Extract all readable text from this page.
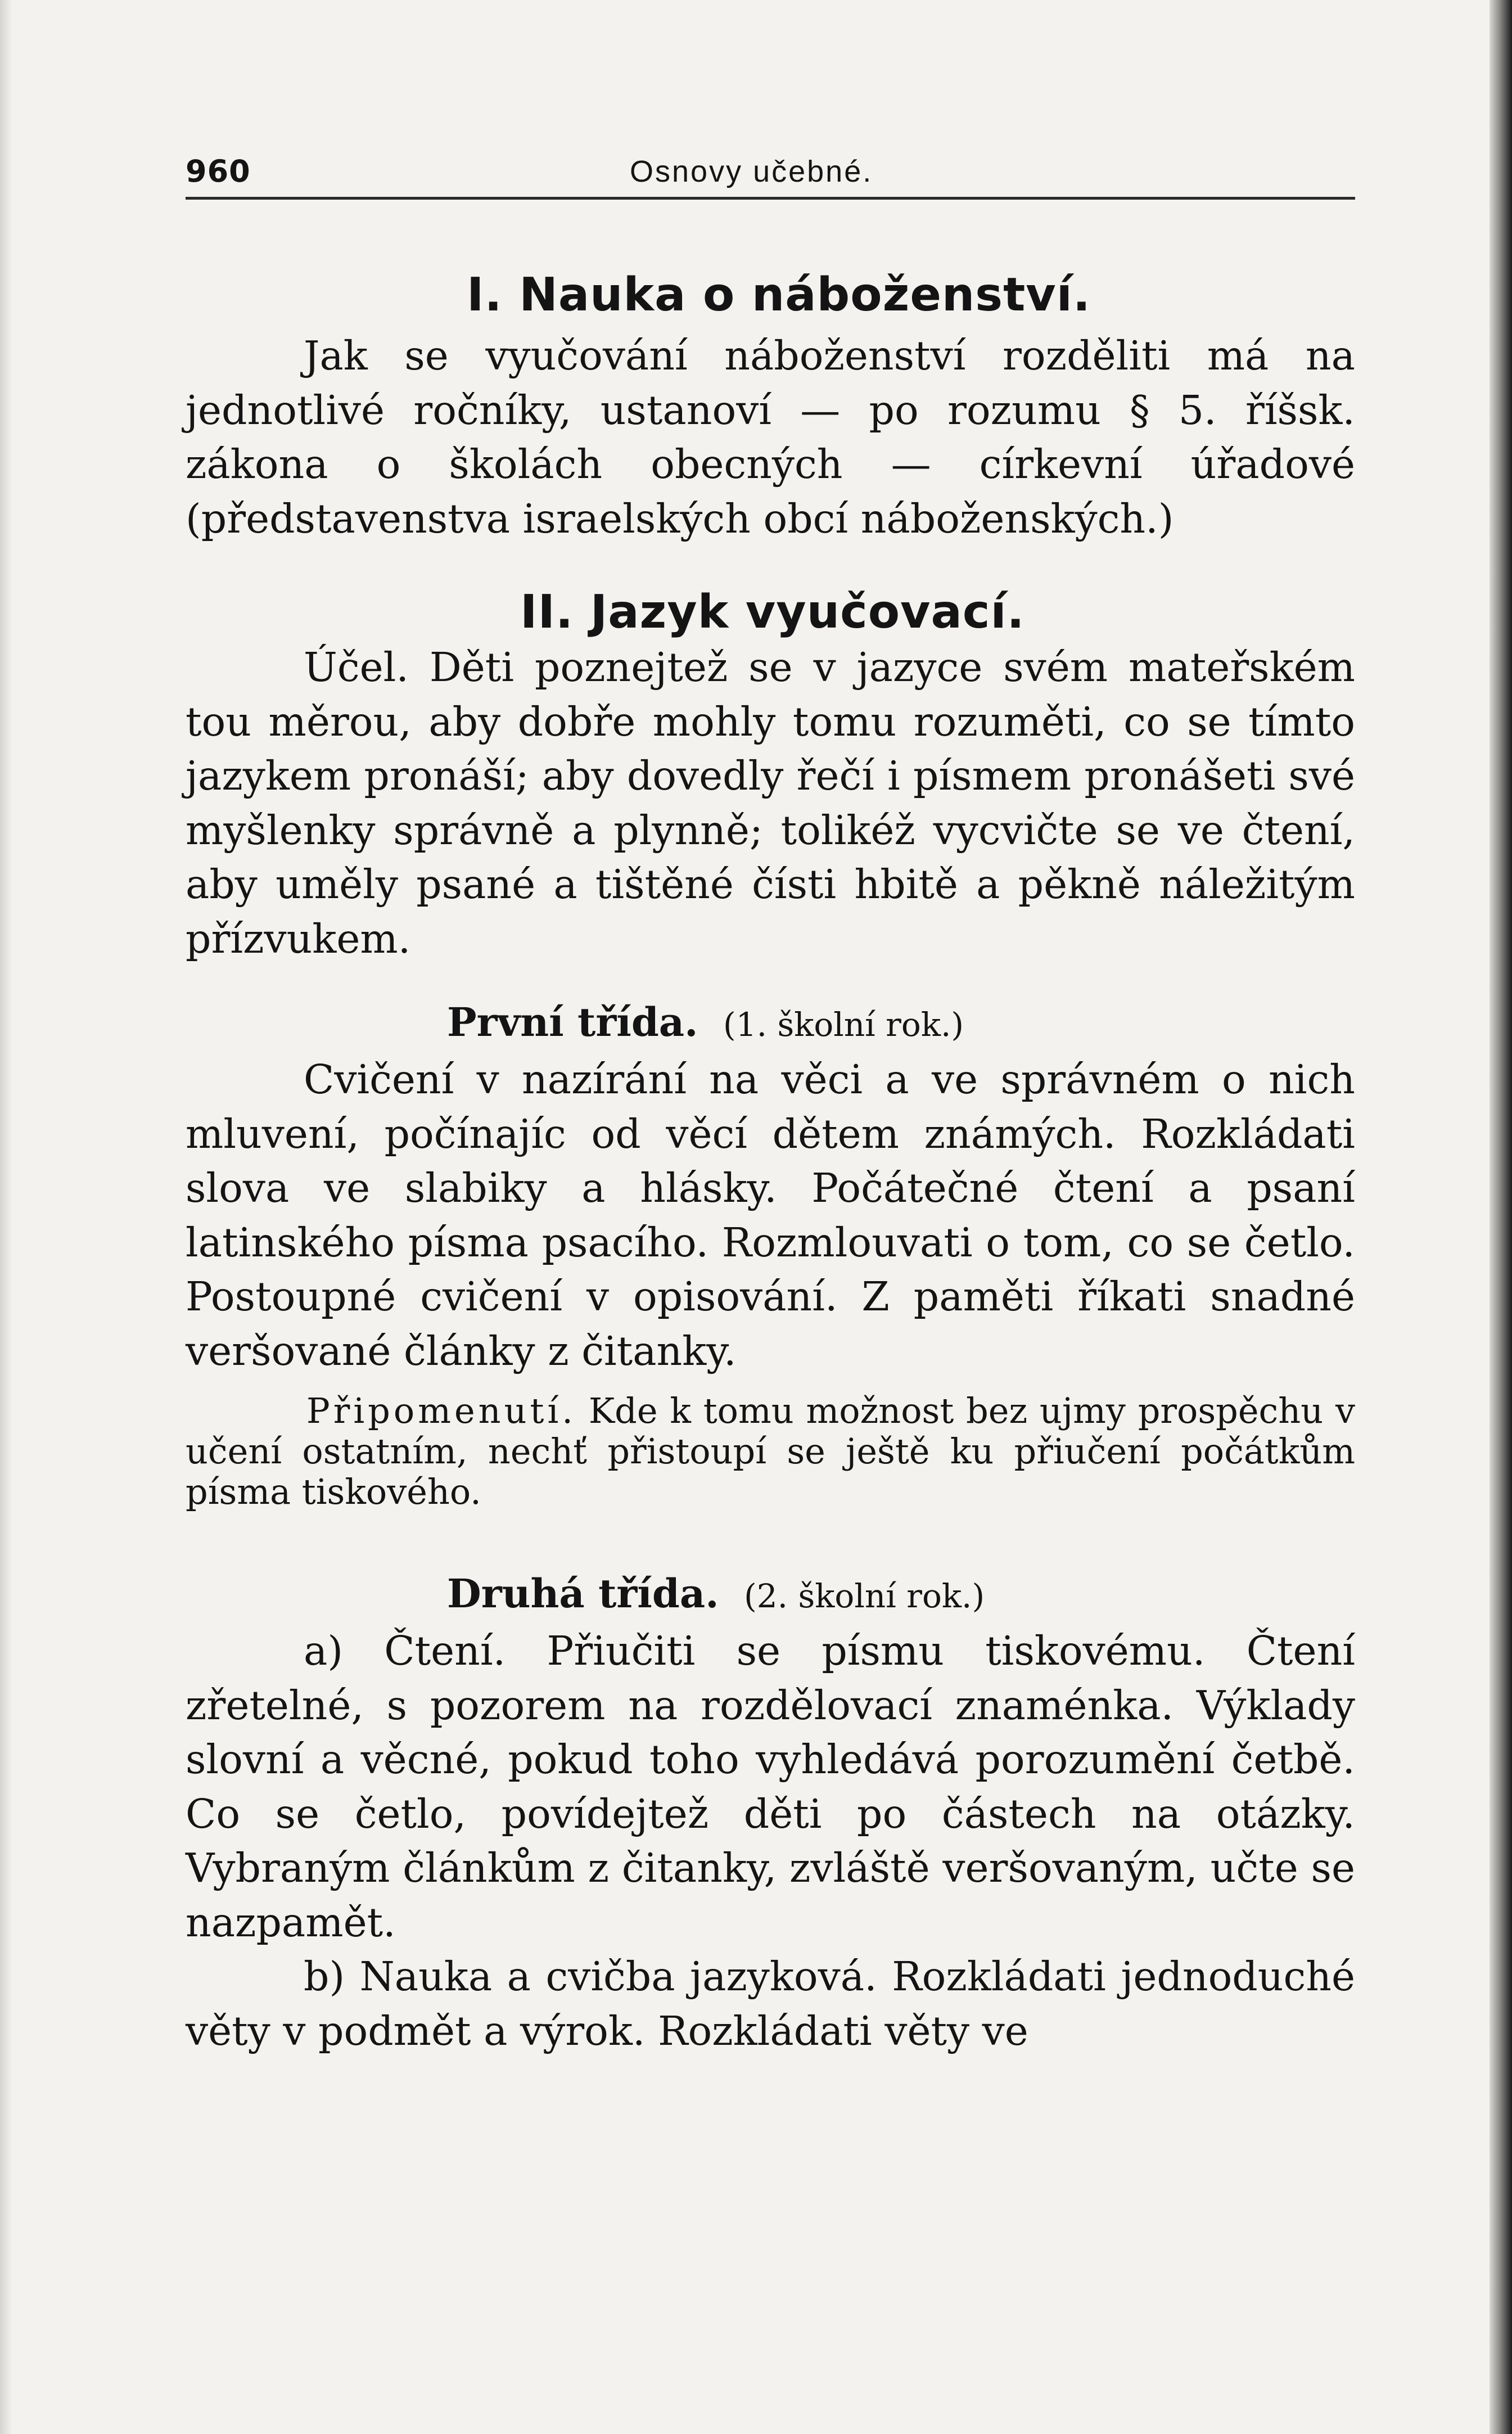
960	Osnovy učebné.
I. Nauka o náboženství.

Jak se vyučování náboženství rozděliti má na jednotlivé ročníky, ustanoví — po rozumu § 5. říšsk. zákona o školách obecných — církevní úřadové (představenstva israelských obcí náboženských.)

II. Jazyk vyučovací.

Účel. Děti poznejtež se v jazyce svém mateřském tou měrou, aby dobře mohly tomu rozuměti, co se tímto jazykem pronáší; aby dovedly řečí i písmem pronášeti své myšlenky správně a plynně; tolikéž vycvičte se ve čtení, aby uměly psané a tištěné čísti hbitě a pěkně náležitým přízvukem.

První třída. (1. školní rok.)

Cvičení v nazírání na věci a ve správném o nich mluvení, počínajíc od věcí dětem známých. Rozkládati slova ve slabiky a hlásky. Počátečné čtení a psaní latinského písma psacího. Rozmlouvati o tom, co se četlo. Postoupné cvičení v opisování. Z paměti říkati snadné veršované články z čitanky.

Připomenutí. Kde k tomu možnost bez ujmy prospěchu v učení ostatním, nechť přistoupí se ještě ku přiučení počátkům písma tiskového.

Druhá třída. (2. školní rok.)

a) Čtení. Přiučiti se písmu tiskovému. Čtení zřetelné, s pozorem na rozdělovací znaménka. Výklady slovní a věcné, pokud toho vyhledává porozumění četbě. Co se četlo, povídejtež děti po částech na otázky. Vybraným článkům z čitanky, zvláště veršovaným, učte se nazpamět.

b) Nauka a cvičba jazyková. Rozkládati jednoduché věty v podmět a výrok. Rozkládati věty ve
